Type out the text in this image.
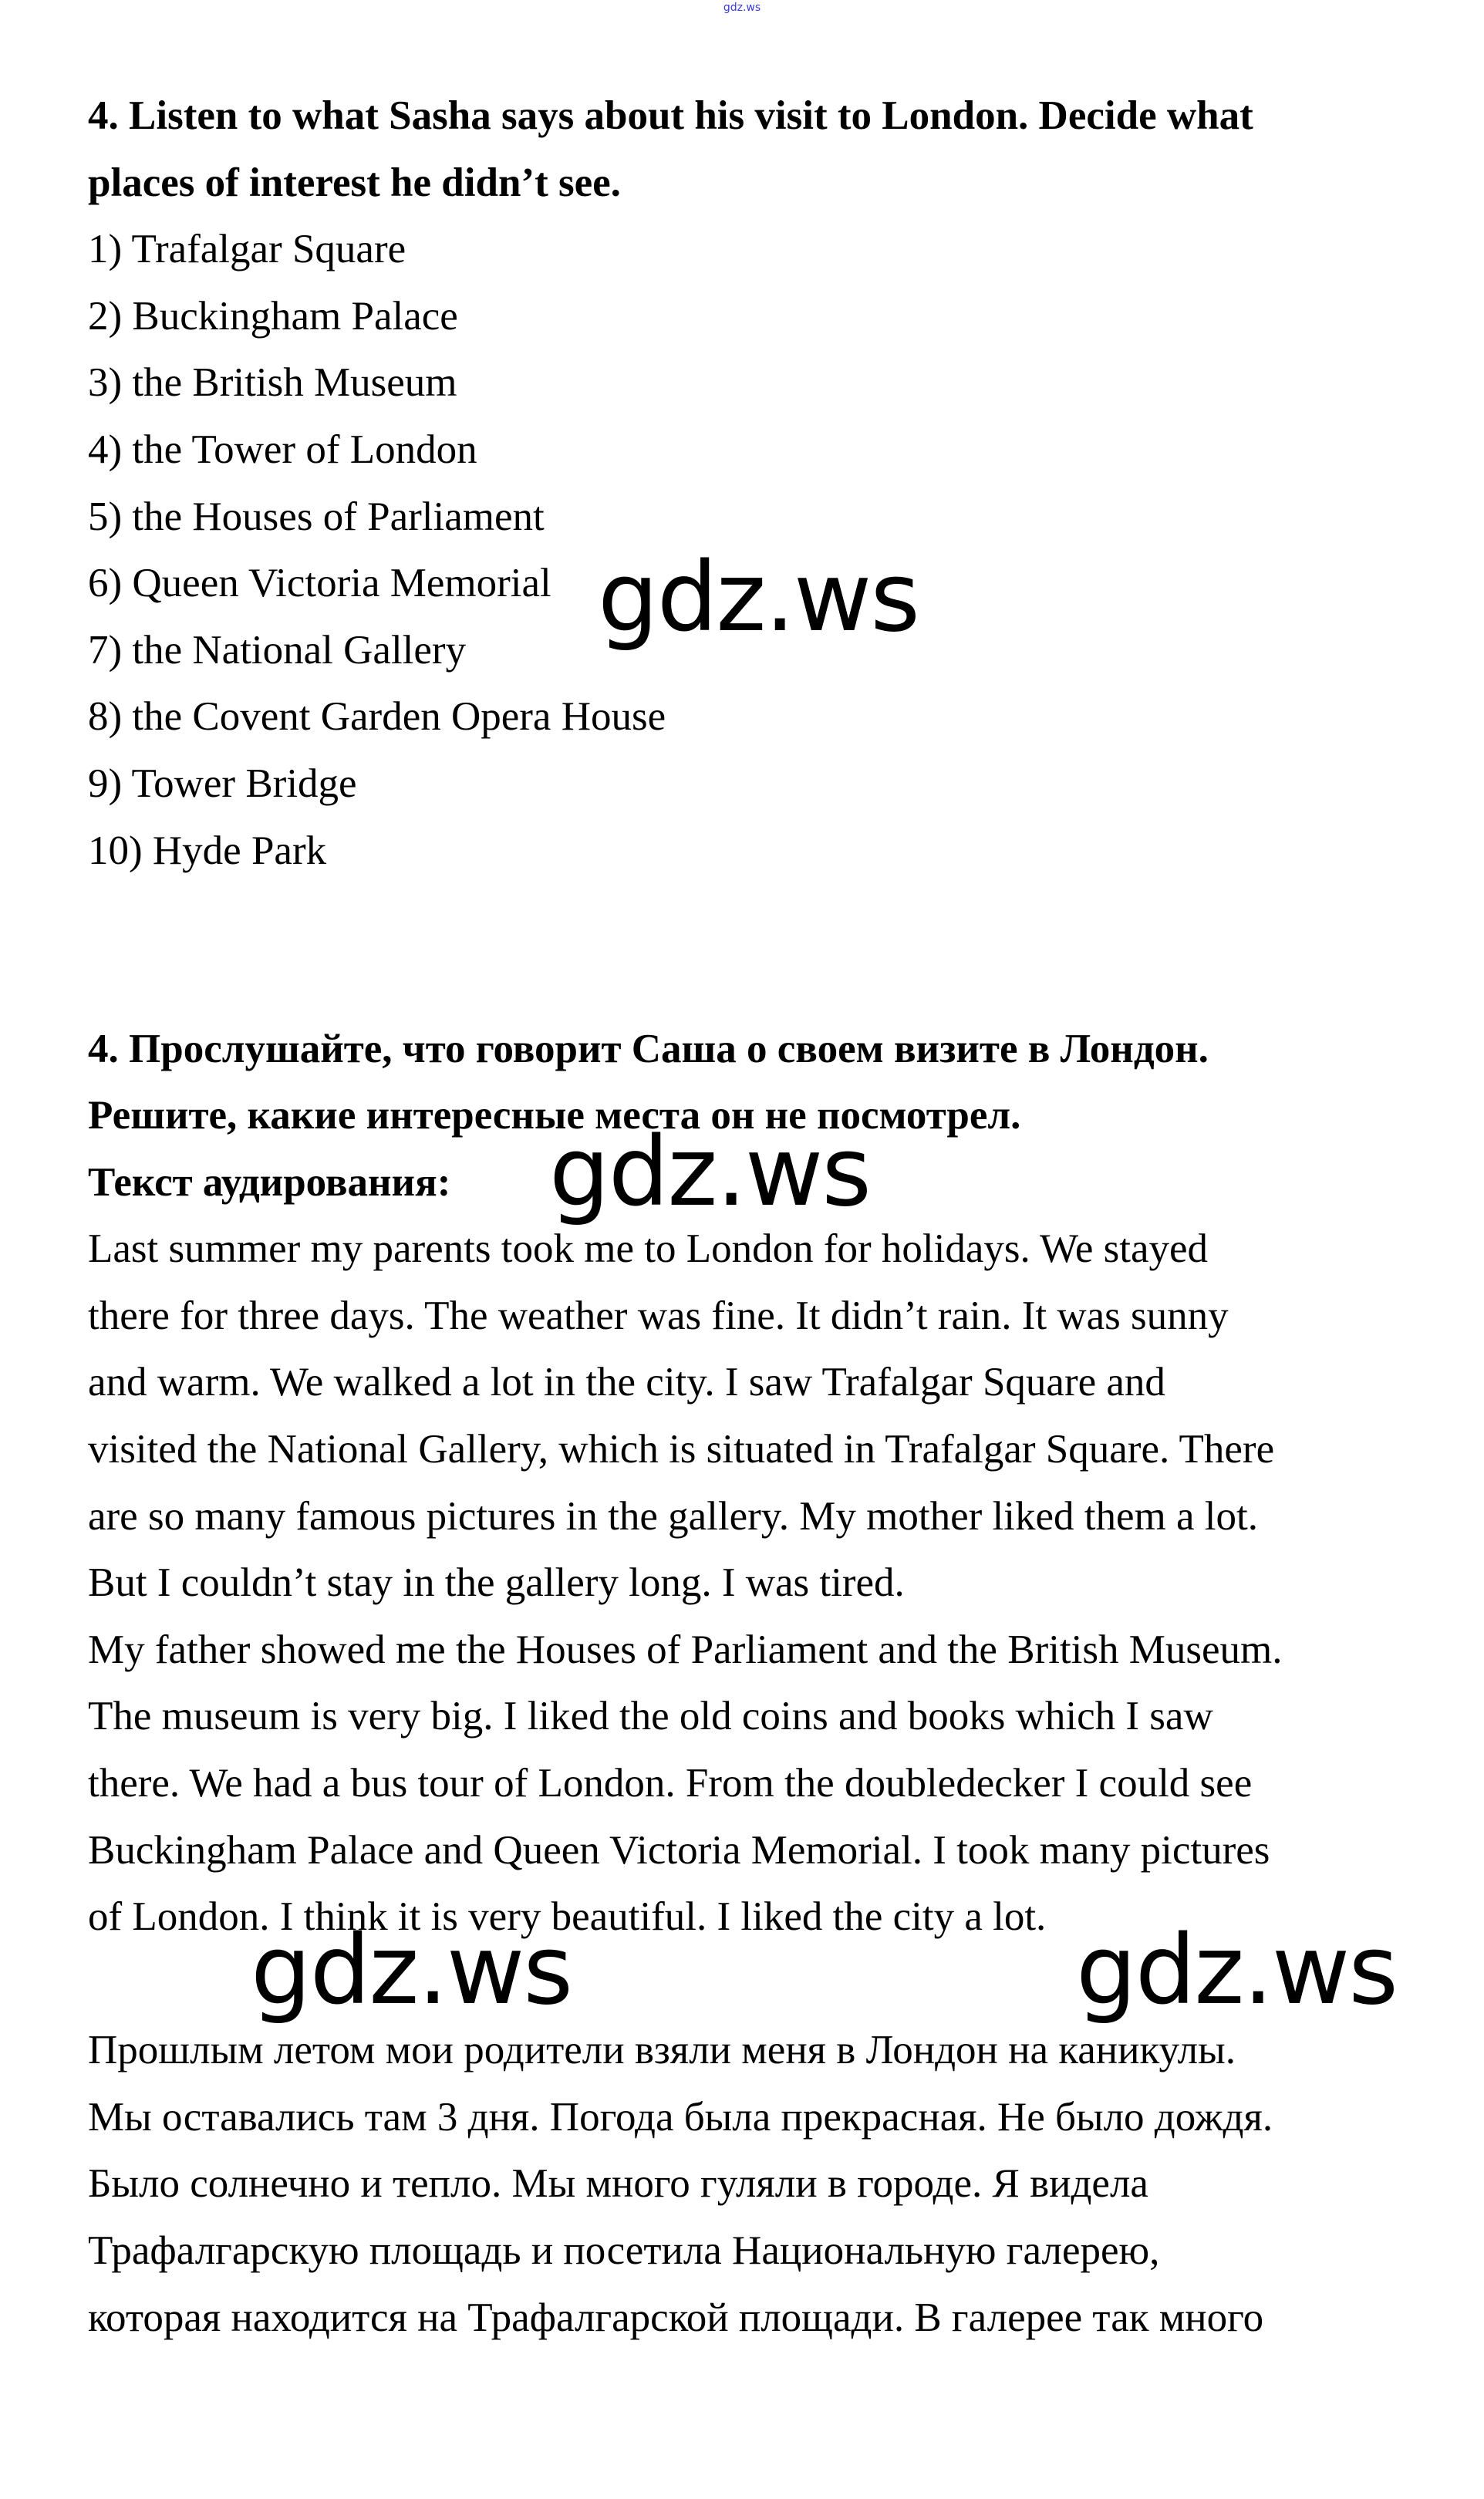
gdz.ws
4. Listen to what Sasha says about his visit to London. Decide what
places of interest he didn’t see.
1) Trafalgar Square
2) Buckingham Palace
3) the British Museum
4) the Tower of London
5) the Houses of Parliament
6) Queen Victoria Memorial
7) the National Gallery
8) the Covent Garden Opera House
9) Tower Bridge
10) Hyde Park
4. Прослушайте, что говорит Саша о своем визите в Лондон.
Решите, какие интересные места он не посмотрел.
Текст аудирования:
Last summer my parents took me to London for holidays. We stayed
there for three days. The weather was fine. It didn’t rain. It was sunny
and warm. We walked a lot in the city. I saw Trafalgar Square and
visited the National Gallery, which is situated in Trafalgar Square. There
are so many famous pictures in the gallery. My mother liked them a lot.
But I couldn’t stay in the gallery long. I was tired.
My father showed me the Houses of Parliament and the British Museum.
The museum is very big. I liked the old coins and books which I saw
there. We had a bus tour of London. From the doubledecker I could see
Buckingham Palace and Queen Victoria Memorial. I took many pictures
of London. I think it is very beautiful. I liked the city a lot.
Прошлым летом мои родители взяли меня в Лондон на каникулы.
Мы оставались там 3 дня. Погода была прекрасная. Не было дождя.
Было солнечно и тепло. Мы много гуляли в городе. Я видела
Трафалгарскую площадь и посетила Национальную галерею,
которая находится на Трафалгарской площади. В галерее так много
gdz.ws
gdz.ws
gdz.ws	gdz.ws
